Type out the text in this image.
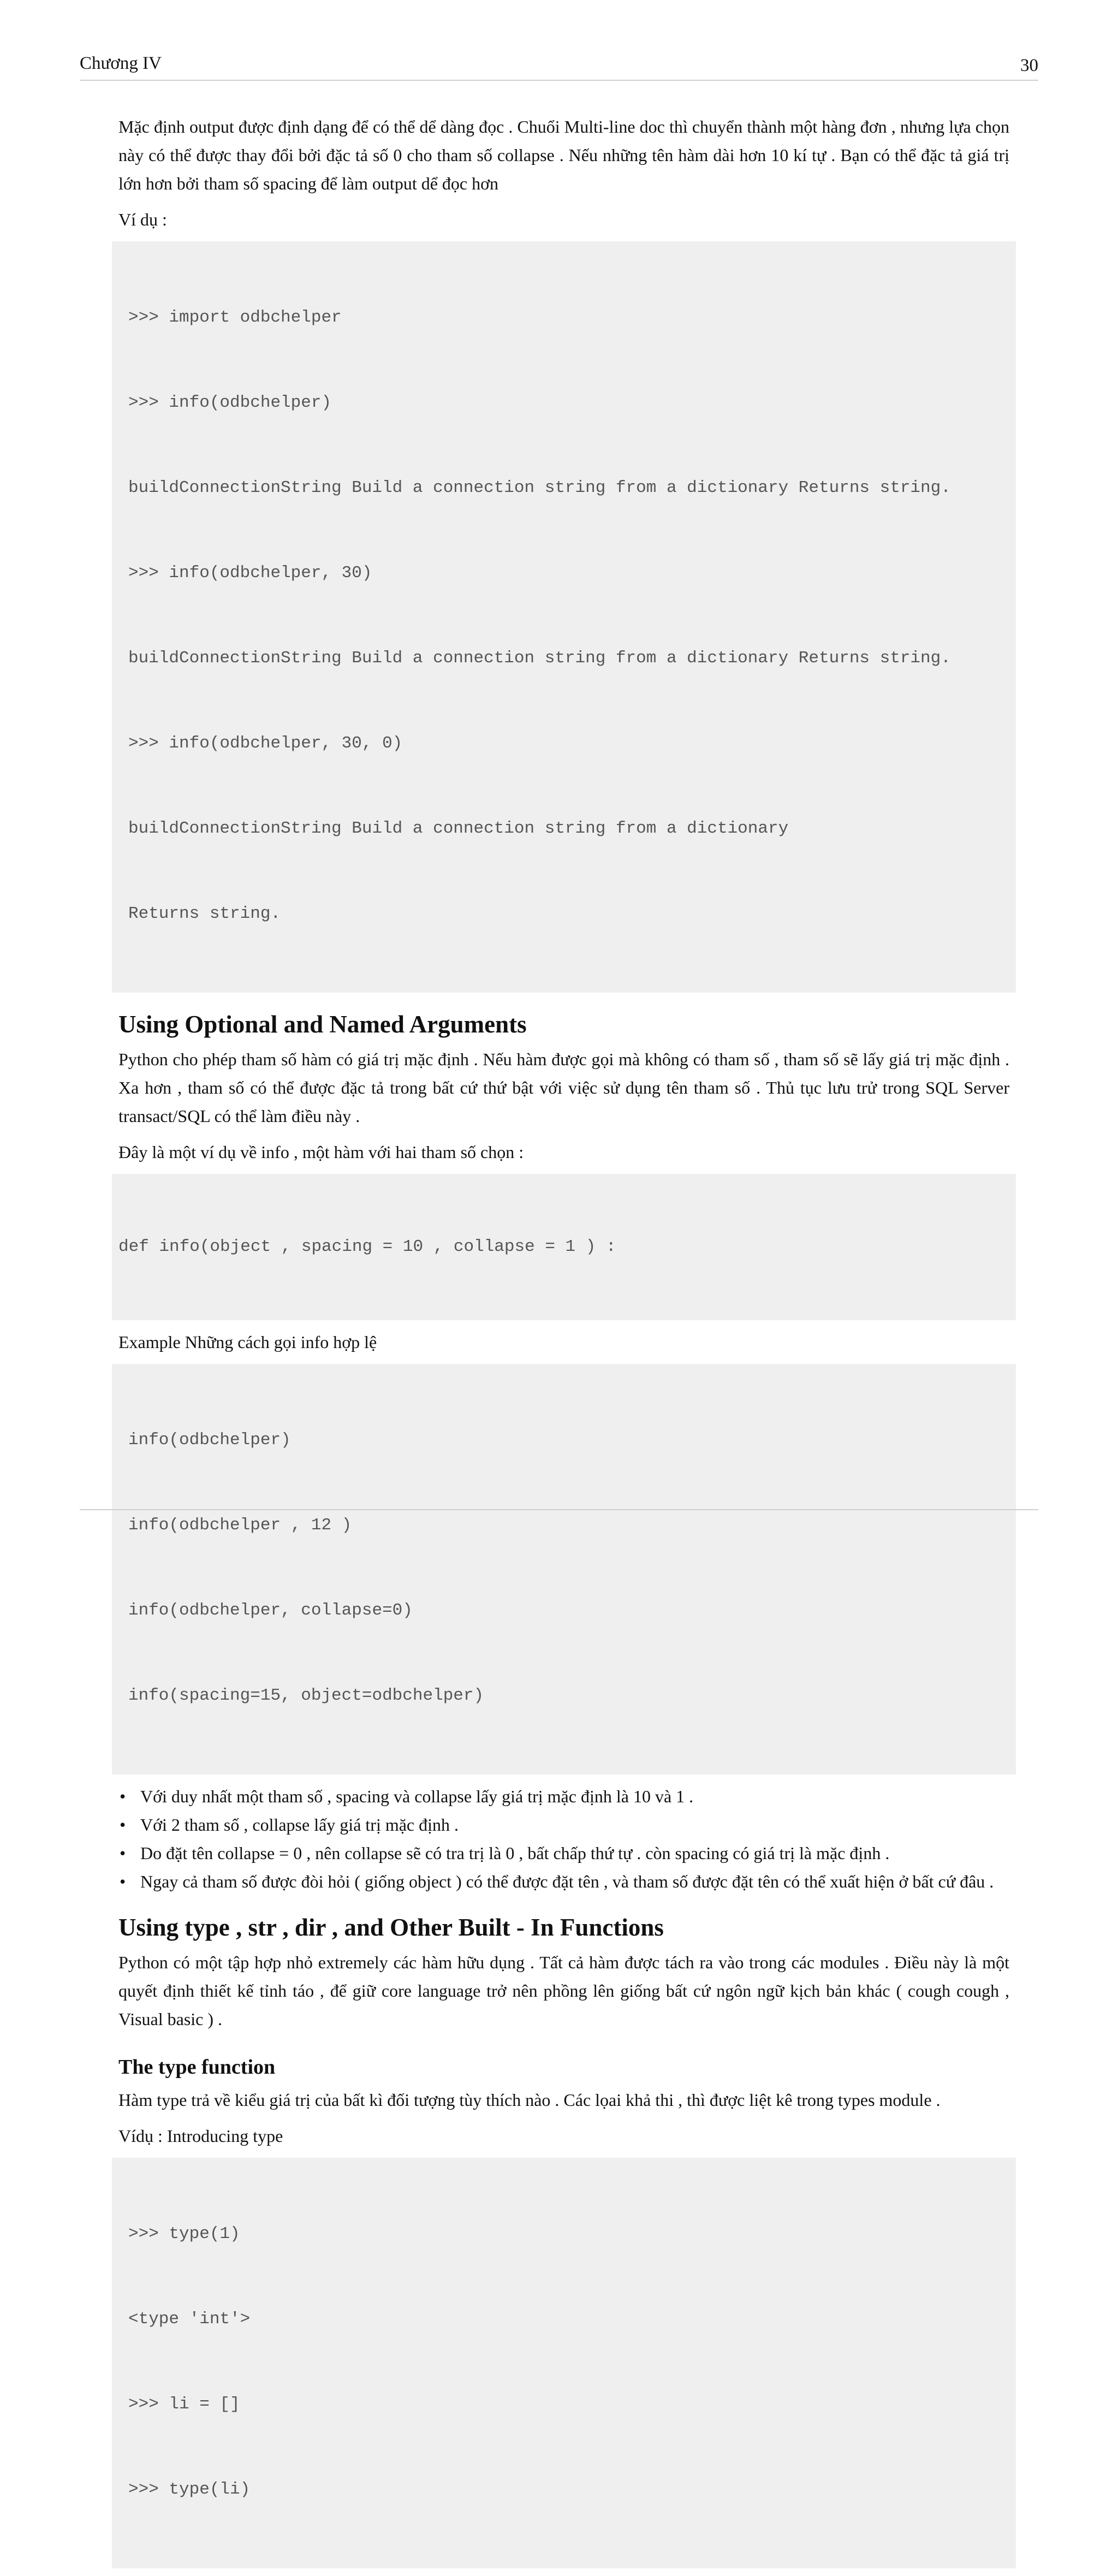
Chương IV	30

Mặc định output được định dạng để có thể dể dàng đọc . Chuổi Multi-line doc thì chuyển thành một hàng đơn , nhưng lựa chọn này có thể được thay đổi bởi đặc tả số 0 cho tham số collapse . Nếu những tên hàm dài hơn 10 kí tự . Bạn có thể đặc tả giá trị lớn hơn bởi tham số spacing để làm output dể đọc hơn

Ví dụ :

>>> import odbchelper

>>> info(odbchelper)

buildConnectionString Build a connection string from a dictionary Returns string.

>>> info(odbchelper, 30)

buildConnectionString Build a connection string from a dictionary Returns string.

>>> info(odbchelper, 30, 0)

buildConnectionString Build a connection string from a dictionary

Returns string.

Using Optional and Named Arguments

Python cho phép tham số hàm có giá trị mặc định . Nếu hàm được gọi mà không có tham số , tham số sẽ lấy giá trị mặc định . Xa hơn , tham số có thể được đặc tả trong bất cứ thứ bật với việc sử dụng tên tham số . Thủ tục lưu trử trong SQL Server transact/SQL có thể làm điều này .

Đây là một ví dụ về info , một hàm với hai tham số chọn :

def info(object , spacing = 10 , collapse = 1 ) :

Example Những cách gọi info hợp lệ

info(odbchelper)

info(odbchelper , 12 )

info(odbchelper, collapse=0)

info(spacing=15, object=odbchelper)

• Với duy nhất một tham số , spacing và collapse lấy giá trị mặc định là 10 và 1 .
• Với 2 tham số , collapse lấy giá trị mặc định .
• Do đặt tên collapse = 0 , nên collapse sẽ có tra trị là 0 , bất chấp thứ tự . còn spacing có giá trị là mặc định .
• Ngay cả tham số được đòi hỏi ( giống object ) có thể được đặt tên , và tham số được đặt tên có thể xuất hiện ở bất cứ đâu .
Using type , str , dir , and Other Built - In Functions

Python có một tập hợp nhỏ extremely các hàm hữu dụng . Tất cả hàm được tách ra vào trong các modules . Điều này là một quyết định thiết kế tỉnh táo , để giữ core language trở nên phồng lên giống bất cứ ngôn ngữ kịch bản khác ( cough cough , Visual basic ) .

The type function

Hàm type trả về kiểu giá trị của bất kì đối tượng tùy thích nào . Các lọai khả thi , thì được liệt kê trong types module .

Vídụ : Introducing type

>>> type(1)

<type 'int'>

>>> li = []

>>> type(li)
